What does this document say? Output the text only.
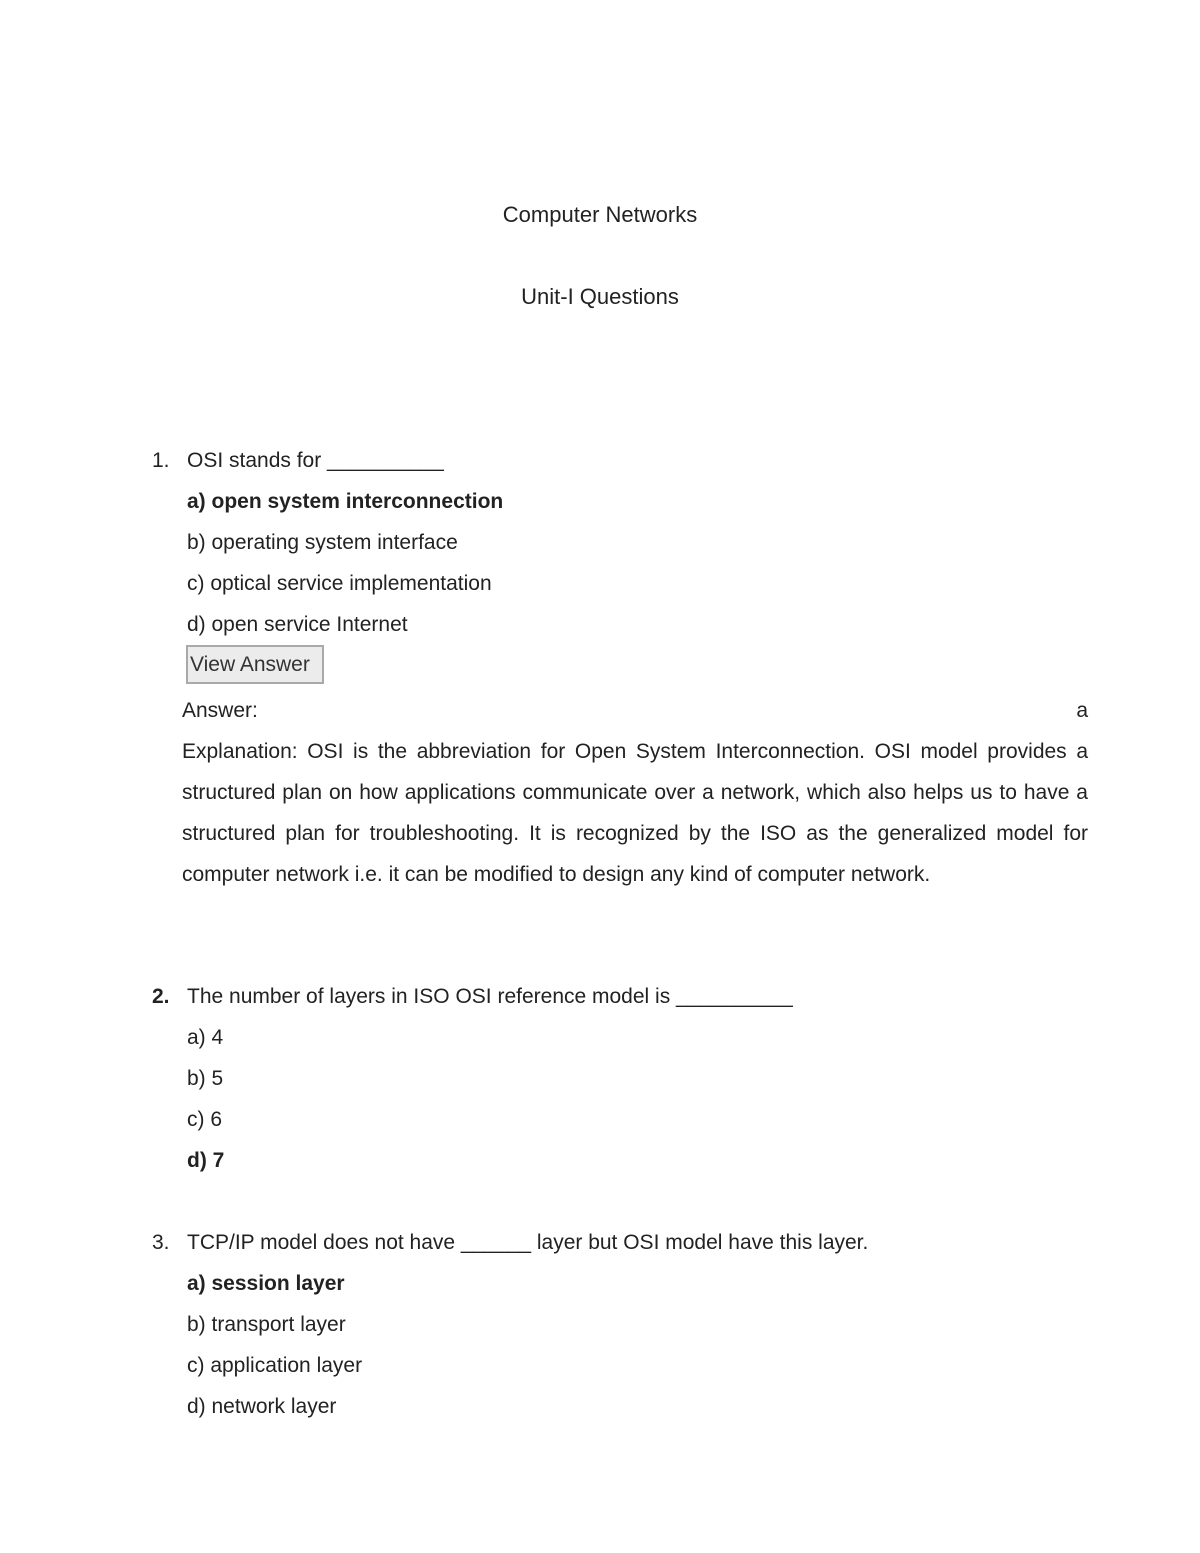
Computer Networks
Unit-I Questions
1. OSI stands for __________
a) open system interconnection
b) operating system interface
c) optical service implementation
d) open service Internet
View Answer
Answer:	a
Explanation: OSI is the abbreviation for Open System Interconnection. OSI model provides a structured plan on how applications communicate over a network, which also helps us to have a structured plan for troubleshooting. It is recognized by the ISO as the generalized model for computer network i.e. it can be modified to design any kind of computer network.
2. The number of layers in ISO OSI reference model is __________
a) 4
b) 5
c) 6
d) 7
3. TCP/IP model does not have ______ layer but OSI model have this layer.
a) session layer
b) transport layer
c) application layer
d) network layer
